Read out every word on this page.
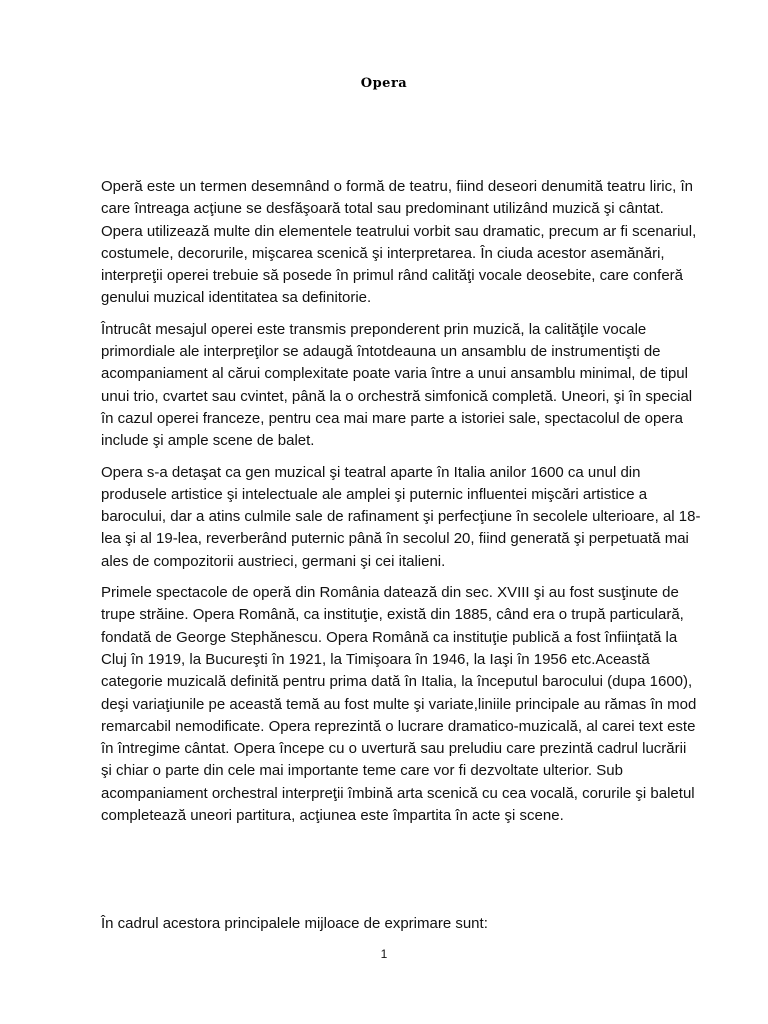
Opera

Operă este un termen desemnând o formă de teatru, fiind deseori denumită teatru liric, în care întreaga acţiune se desfăşoară total sau predominant utilizând muzică şi cântat. Opera utilizează multe din elementele teatrului vorbit sau dramatic, precum ar fi scenariul, costumele, decorurile, mişcarea scenică şi interpretarea. În ciuda acestor asemănări, interpreţii operei trebuie să posede în primul rând calităţi vocale deosebite, care conferă genului muzical identitatea sa definitorie.

Întrucât mesajul operei este transmis preponderent prin muzică, la calităţile vocale primordiale ale interpreţilor se adaugă întotdeauna un ansamblu de instrumentişti de acompaniament al cărui complexitate poate varia între a unui ansamblu minimal, de tipul unui trio, cvartet sau cvintet, până la o orchestră simfonică completă. Uneori, şi în special în cazul operei franceze, pentru cea mai mare parte a istoriei sale, spectacolul de opera include şi ample scene de balet.

Opera s-a detaşat ca gen muzical şi teatral aparte în Italia anilor 1600 ca unul din produsele artistice şi intelectuale ale amplei şi puternic influentei mişcări artistice a barocului, dar a atins culmile sale de rafinament şi perfecţiune în secolele ulterioare, al 18-lea şi al 19-lea, reverberând puternic până în secolul 20, fiind generată şi perpetuată mai ales de compozitorii austrieci, germani şi cei italieni.

Primele spectacole de operă din România datează din sec. XVIII şi au fost susţinute de trupe străine. Opera Română, ca instituţie, există din 1885, când era o trupă particulară, fondată de George Stephănescu. Opera Română ca instituţie publică a fost înfiinţată la Cluj în 1919, la Bucureşti în 1921, la Timişoara în 1946, la Iaşi în 1956 etc.Această categorie muzicală definită pentru prima dată în Italia, la începutul barocului (dupa 1600), deşi variaţiunile pe această temă au fost multe şi variate,liniile principale au rămas în mod remarcabil nemodificate. Opera reprezintă o lucrare dramatico-muzicală, al carei text este în întregime cântat. Opera începe cu o uvertură sau preludiu care prezintă cadrul lucrării şi chiar o parte din cele mai importante teme care vor fi dezvoltate ulterior. Sub acompaniament orchestral interpreţii îmbină arta scenică cu cea vocală, corurile şi baletul completează uneori partitura, acţiunea este împartita în acte şi scene.

În cadrul acestora principalele mijloace de exprimare sunt:
1
